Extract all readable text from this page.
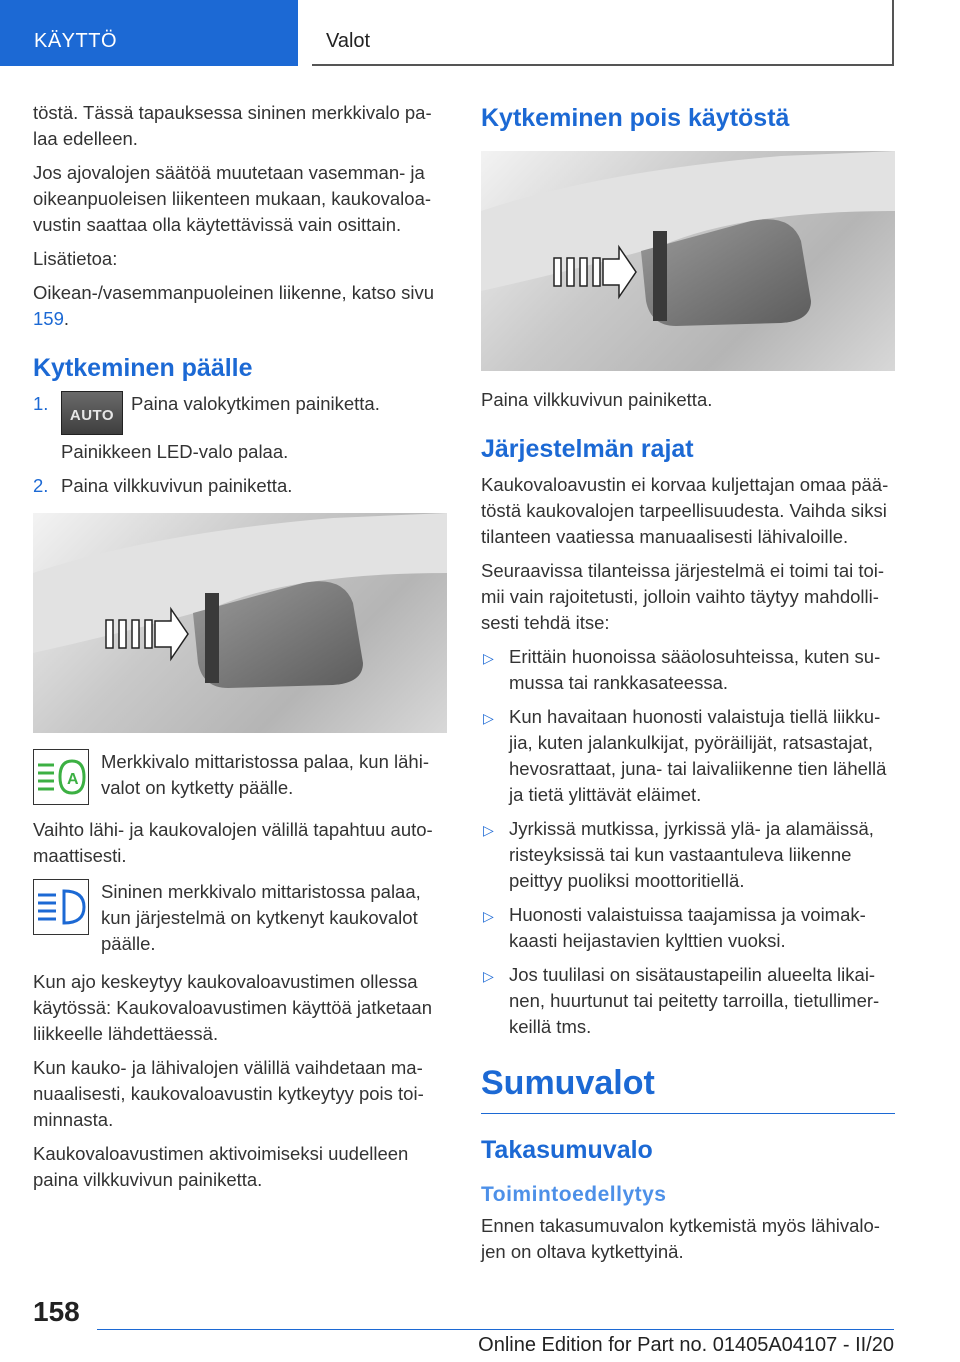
KÄYTTÖ	Valot

töstä. Tässä tapauksessa sininen merkkivalo pa-laa edelleen.

Jos ajovalojen säätöä muutetaan vasemman- ja oikeanpuoleisen liikenteen mukaan, kaukovaloa-vustin saattaa olla käytettävissä vain osittain.

Lisätietoa:

Oikean-/vasemmanpuoleinen liikenne, katso sivu 159.

Kytkeminen päälle
1.
AUTOPaina valokytkimen painiketta.
Painikkeen LED-valo palaa.
2. Paina vilkkuvivun painiketta.
A
Merkkivalo mittaristossa palaa, kun lähi-valot on kytketty päälle.

Vaihto lähi- ja kaukovalojen välillä tapahtuu auto-maattisesti.

Sininen merkkivalo mittaristossa palaa, kun järjestelmä on kytkenyt kaukovalot päälle.

Kun ajo keskeytyy kaukovaloavustimen ollessa käytössä: Kaukovaloavustimen käyttöä jatketaan liikkeelle lähdettäessä.

Kun kauko- ja lähivalojen välillä vaihdetaan ma-nuaalisesti, kaukovaloavustin kytkeytyy pois toi-minnasta.

Kaukovaloavustimen aktivoimiseksi uudelleen paina vilkkuvivun painiketta.

Kytkeminen pois käytöstä

Paina vilkkuvivun painiketta.

Järjestelmän rajat

Kaukovaloavustin ei korvaa kuljettajan omaa pää-töstä kaukovalojen tarpeellisuudesta. Vaihda siksi tilanteen vaatiessa manuaalisesti lähivaloille.

Seuraavissa tilanteissa järjestelmä ei toimi tai toi-mii vain rajoitetusti, jolloin vaihto täytyy mahdolli-sesti tehdä itse:

▷ Erittäin huonoissa sääolosuhteissa, kuten su-mussa tai rankkasateessa.
▷ Kun havaitaan huonosti valaistuja tiellä liikku-jia, kuten jalankulkijat, pyöräilijät, ratsastajat, hevosrattaat, juna- tai laivaliikenne tien lähellä ja tietä ylittävät eläimet.
▷ Jyrkissä mutkissa, jyrkissä ylä- ja alamäissä, risteyksissä tai kun vastaantuleva liikenne peittyy puoliksi moottoritiellä.
▷ Huonosti valaistuissa taajamissa ja voimak-kaasti heijastavien kylttien vuoksi.
▷ Jos tuulilasi on sisätaustapeilin alueelta likai-nen, huurtunut tai peitetty tarroilla, tietullimer-keillä tms.
Sumuvalot
Takasumuvalo
Toimintoedellytys

Ennen takasumuvalon kytkemistä myös lähivalo-jen on oltava kytkettyinä.

158
Online Edition for Part no. 01405A04107 - II/20
